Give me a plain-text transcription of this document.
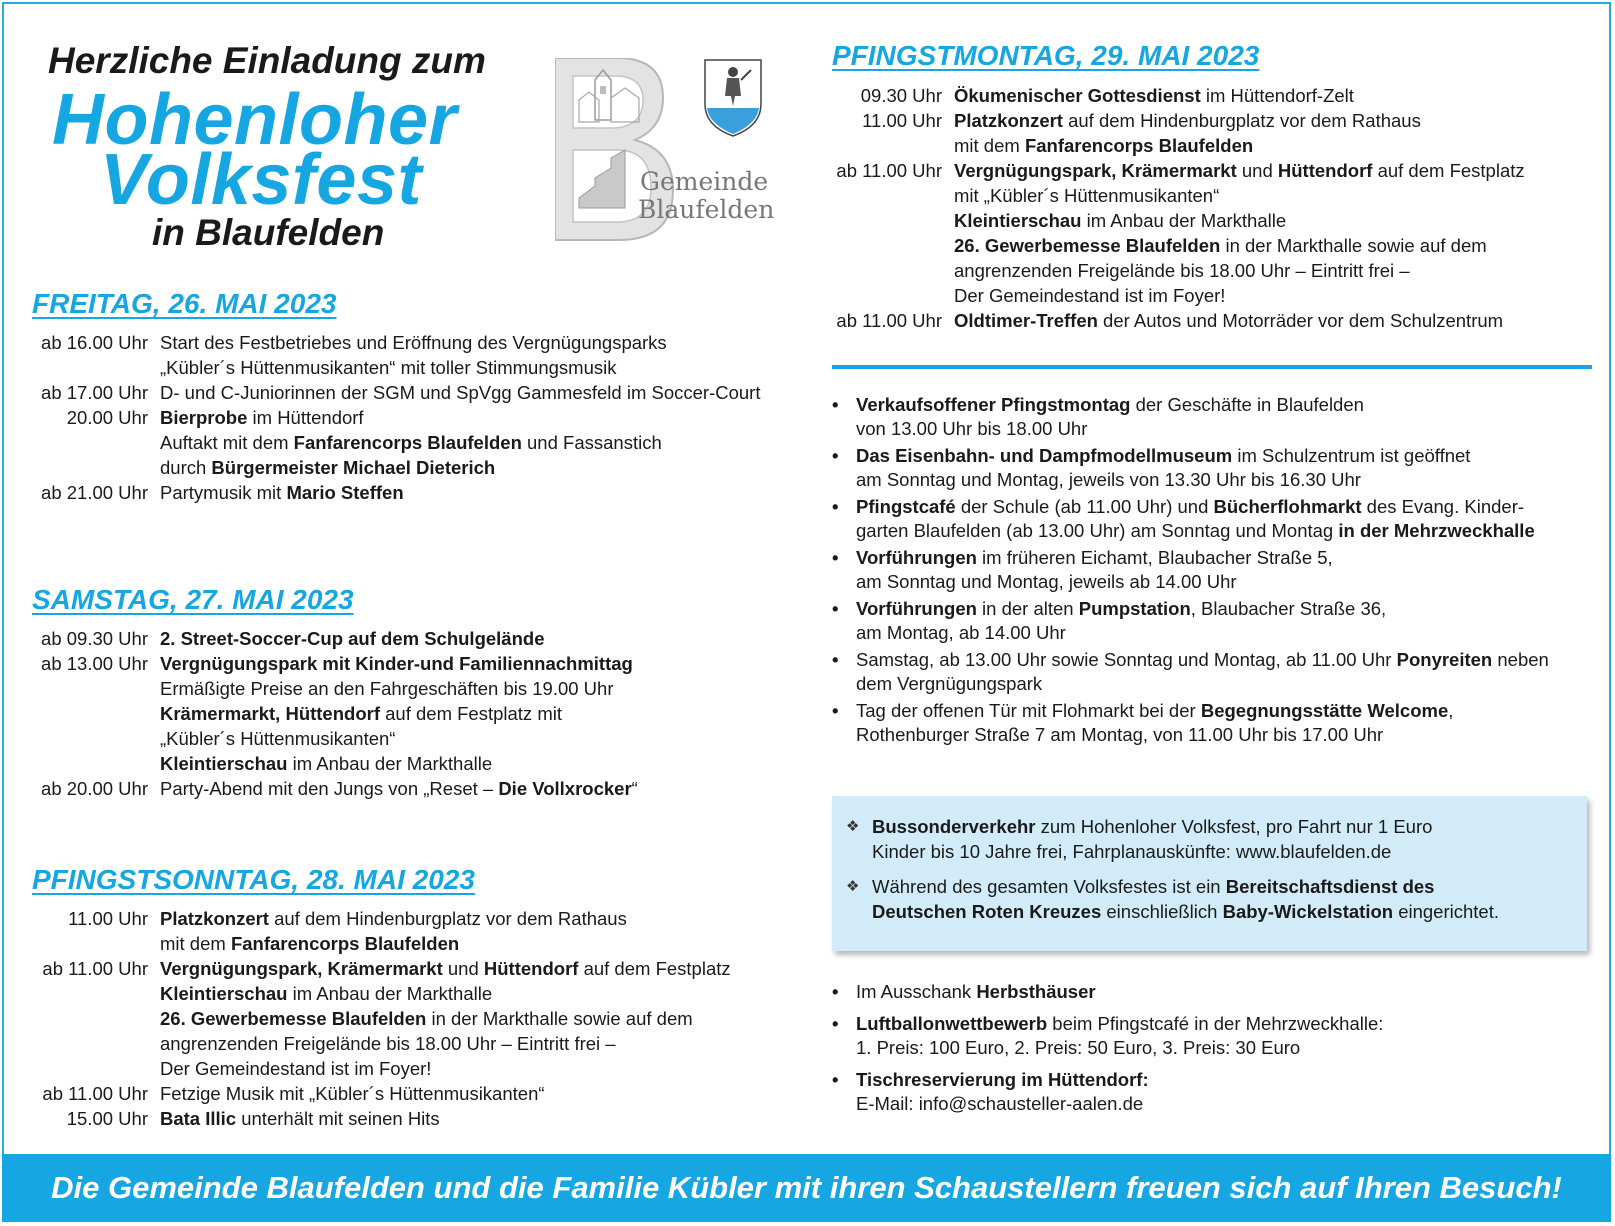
Herzliche Einladung zum
Hohenloher
Volksfest
in Blaufelden
Gemeinde
Blaufelden
FREITAG, 26. MAI 2023
ab 16.00 Uhr Start des Festbetriebes und Eröffnung des Vergnügungsparks
„Kübler´s Hüttenmusikanten“ mit toller Stimmungsmusik
ab 17.00 Uhr D- und C-Juniorinnen der SGM und SpVgg Gammesfeld im Soccer-Court
20.00 Uhr Bierprobe im Hüttendorf
Auftakt mit dem Fanfarencorps Blaufelden und Fassanstich
durch Bürgermeister Michael Dieterich
ab 21.00 Uhr Partymusik mit Mario Steffen
SAMSTAG, 27. MAI 2023
ab 09.30 Uhr 2. Street-Soccer-Cup auf dem Schulgelände
ab 13.00 Uhr Vergnügungspark mit Kinder-und Familiennachmittag
Ermäßigte Preise an den Fahrgeschäften bis 19.00 Uhr
Krämermarkt, Hüttendorf auf dem Festplatz mit
„Kübler´s Hüttenmusikanten“
Kleintierschau im Anbau der Markthalle
ab 20.00 Uhr Party-Abend mit den Jungs von „Reset – Die Vollxrocker“
PFINGSTSONNTAG, 28. MAI 2023
11.00 Uhr Platzkonzert auf dem Hindenburgplatz vor dem Rathaus
mit dem Fanfarencorps Blaufelden
ab 11.00 Uhr Vergnügungspark, Krämermarkt und Hüttendorf auf dem Festplatz
Kleintierschau im Anbau der Markthalle
26. Gewerbemesse Blaufelden in der Markthalle sowie auf dem
angrenzenden Freigelände bis 18.00 Uhr – Eintritt frei –
Der Gemeindestand ist im Foyer!
ab 11.00 Uhr Fetzige Musik mit „Kübler´s Hüttenmusikanten“
15.00 Uhr Bata Illic unterhält mit seinen Hits
PFINGSTMONTAG, 29. MAI 2023
09.30 Uhr Ökumenischer Gottesdienst im Hüttendorf-Zelt
11.00 Uhr Platzkonzert auf dem Hindenburgplatz vor dem Rathaus
mit dem Fanfarencorps Blaufelden
ab 11.00 Uhr Vergnügungspark, Krämermarkt und Hüttendorf auf dem Festplatz
mit „Kübler´s Hüttenmusikanten“
Kleintierschau im Anbau der Markthalle
26. Gewerbemesse Blaufelden in der Markthalle sowie auf dem
angrenzenden Freigelände bis 18.00 Uhr – Eintritt frei –
Der Gemeindestand ist im Foyer!
ab 11.00 Uhr Oldtimer-Treffen der Autos und Motorräder vor dem Schulzentrum
• Verkaufsoffener Pfingstmontag der Geschäfte in Blaufelden
von 13.00 Uhr bis 18.00 Uhr
• Das Eisenbahn- und Dampfmodellmuseum im Schulzentrum ist geöffnet
am Sonntag und Montag, jeweils von 13.30 Uhr bis 16.30 Uhr
• Pfingstcafé der Schule (ab 11.00 Uhr) und Bücherflohmarkt des Evang. Kinder-
garten Blaufelden (ab 13.00 Uhr) am Sonntag und Montag in der Mehrzweckhalle
• Vorführungen im früheren Eichamt, Blaubacher Straße 5,
am Sonntag und Montag, jeweils ab 14.00 Uhr
• Vorführungen in der alten Pumpstation, Blaubacher Straße 36,
am Montag, ab 14.00 Uhr
• Samstag, ab 13.00 Uhr sowie Sonntag und Montag, ab 11.00 Uhr Ponyreiten neben
dem Vergnügungspark
• Tag der offenen Tür mit Flohmarkt bei der Begegnungsstätte Welcome,
Rothenburger Straße 7 am Montag, von 11.00 Uhr bis 17.00 Uhr
❖ Bussonderverkehr zum Hohenloher Volksfest, pro Fahrt nur 1 Euro
Kinder bis 10 Jahre frei, Fahrplanauskünfte: www.blaufelden.de
❖ Während des gesamten Volksfestes ist ein Bereitschaftsdienst des
Deutschen Roten Kreuzes einschließlich Baby-Wickelstation eingerichtet.
• Im Ausschank Herbsthäuser
• Luftballonwettbewerb beim Pfingstcafé in der Mehrzweckhalle:
1. Preis: 100 Euro, 2. Preis: 50 Euro, 3. Preis: 30 Euro
• Tischreservierung im Hüttendorf:
E-Mail: info@schausteller-aalen.de
Die Gemeinde Blaufelden und die Familie Kübler mit ihren Schaustellern freuen sich auf Ihren Besuch!
